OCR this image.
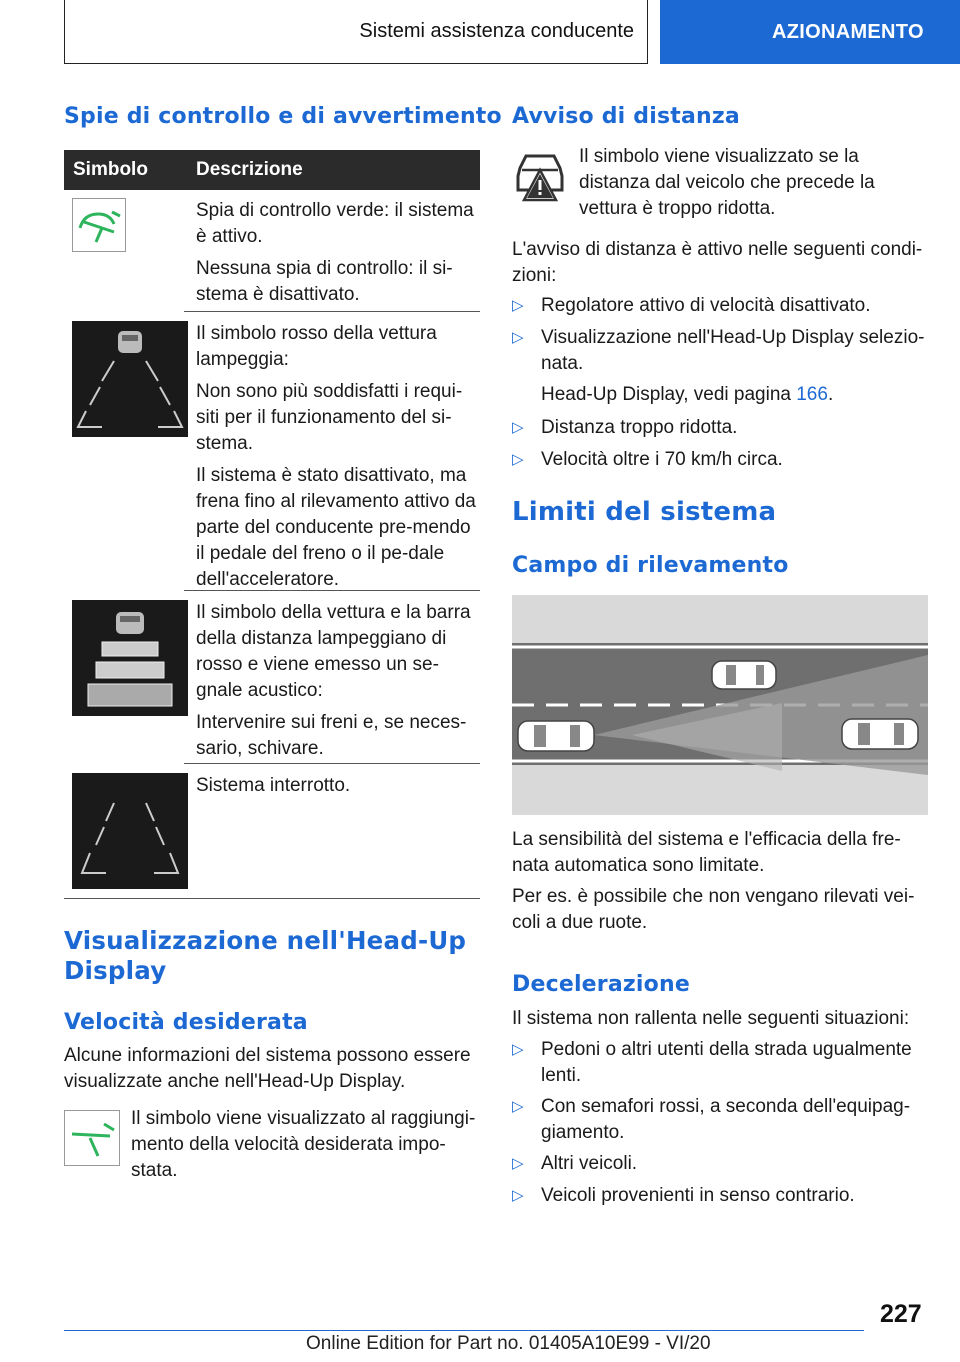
Sistemi assistenza conducente	AZIONAMENTO
Spie di controllo e di avvertimento
Simbolo	Descrizione

Spia di controllo verde: il sistema è attivo.

Nessuna spia di controllo: il si-stema è disattivato.

Il simbolo rosso della vettura lampeggia:

Non sono più soddisfatti i requi-siti per il funzionamento del si-stema.

Il sistema è stato disattivato, ma frena fino al rilevamento attivo da parte del conducente pre-mendo il pedale del freno o il pe-dale dell'acceleratore.

Il simbolo della vettura e la barra della distanza lampeggiano di rosso e viene emesso un se-gnale acustico:

Intervenire sui freni e, se neces-sario, schivare.

Sistema interrotto.

Visualizzazione nell'Head-Up Display
Velocità desiderata
Alcune informazioni del sistema possono essere visualizzate anche nell'Head-Up Display.
Il simbolo viene visualizzato al raggiungi-mento della velocità desiderata impo-stata.
Avviso di distanza
Il simbolo viene visualizzato se la distanza dal veicolo che precede la vettura è troppo ridotta.
L'avviso di distanza è attivo nelle seguenti condi-zioni:
▷ Regolatore attivo di velocità disattivato.

▷ Visualizzazione nell'Head-Up Display selezio-nata.

Head-Up Display, vedi pagina 166.

▷ Distanza troppo ridotta.

▷ Velocità oltre i 70 km/h circa.

Limiti del sistema
Campo di rilevamento
La sensibilità del sistema e l'efficacia della fre-nata automatica sono limitate.
Per es. è possibile che non vengano rilevati vei-coli a due ruote.
Decelerazione
Il sistema non rallenta nelle seguenti situazioni:
▷ Pedoni o altri utenti della strada ugualmente lenti.

▷ Con semafori rossi, a seconda dell'equipag-giamento.

▷ Altri veicoli.

▷ Veicoli provenienti in senso contrario.

227
Online Edition for Part no. 01405A10E99 - VI/20
